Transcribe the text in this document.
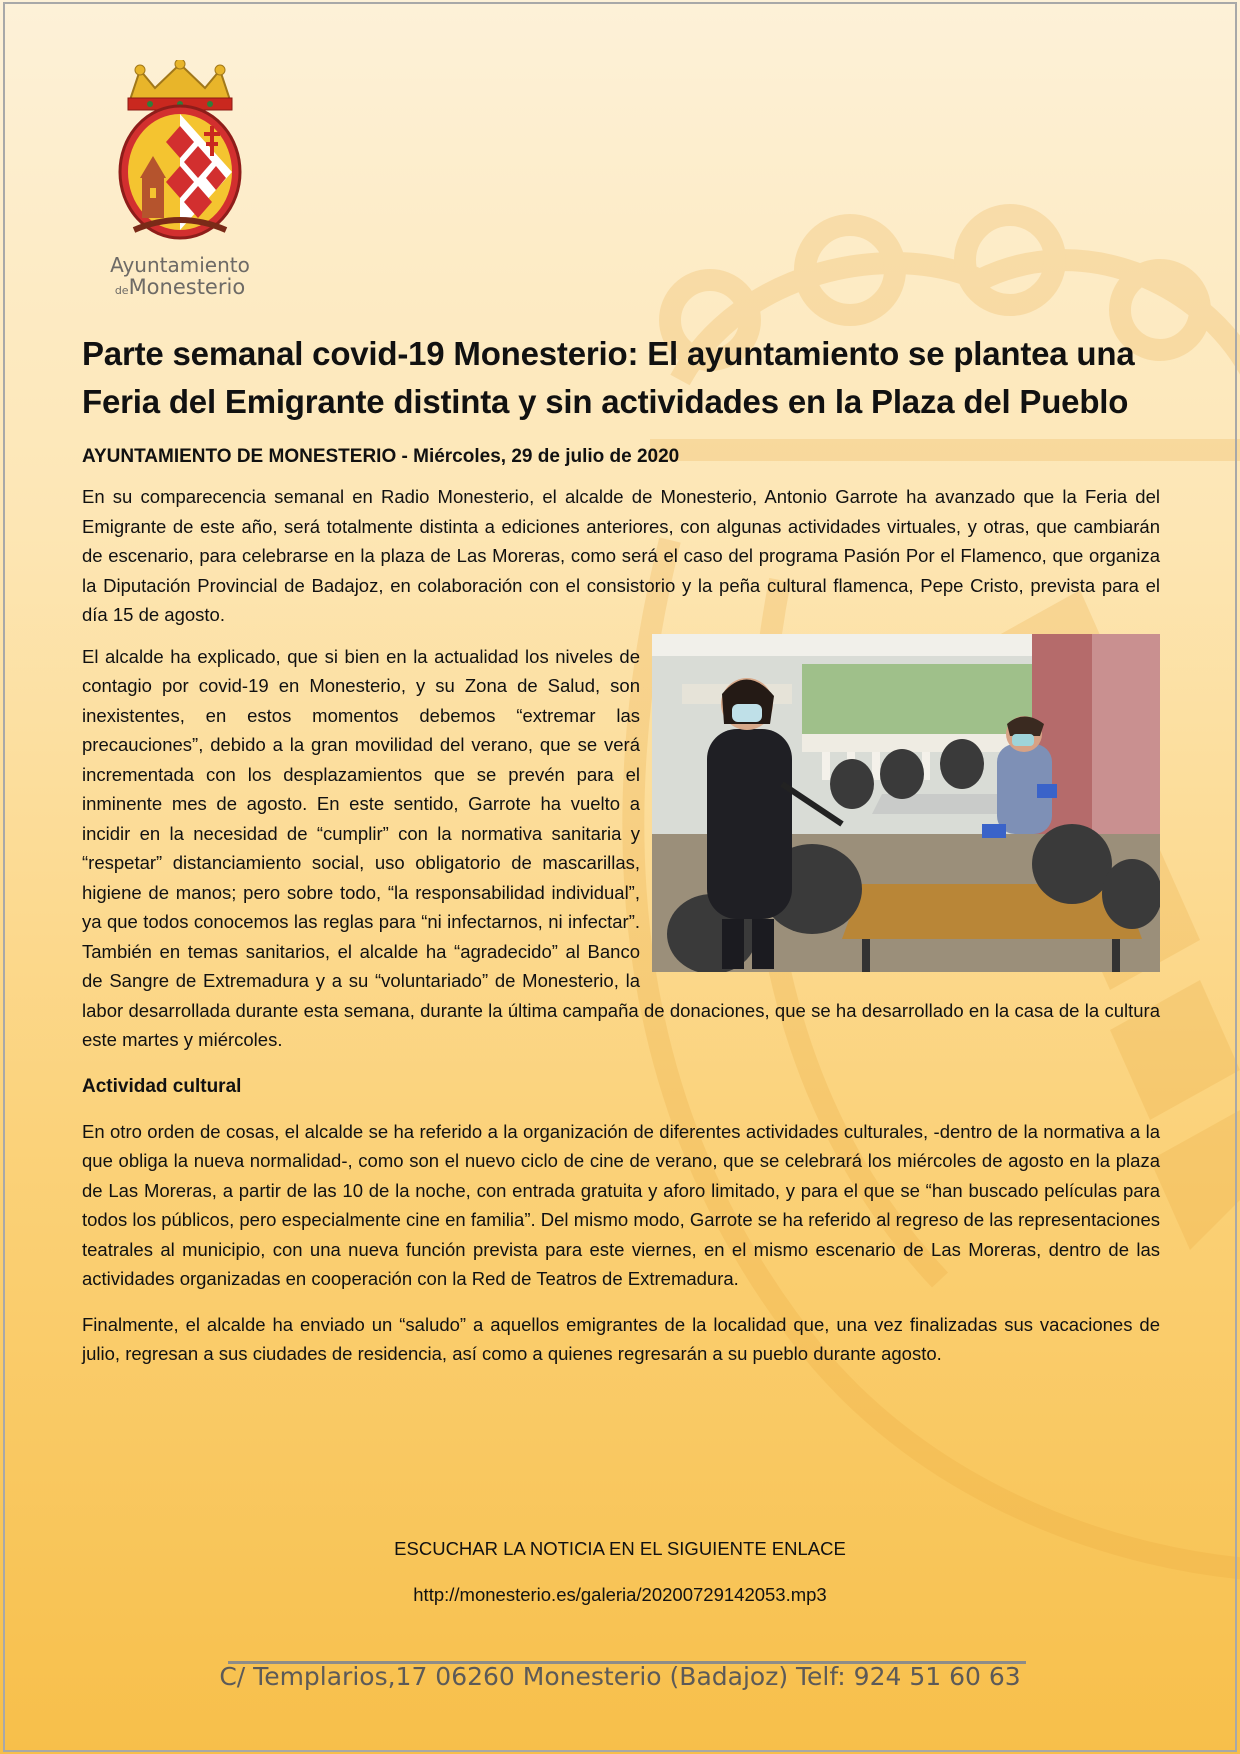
Ayuntamiento
deMonesterio
Parte semanal covid-19 Monesterio: El ayuntamiento se plantea una Feria del Emigrante distinta y sin actividades en la Plaza del Pueblo
AYUNTAMIENTO DE MONESTERIO - Miércoles, 29 de julio de 2020

En su comparecencia semanal en Radio Monesterio, el alcalde de Monesterio, Antonio Garrote ha avanzado que la Feria del Emigrante de este año, será totalmente distinta a ediciones anteriores, con algunas actividades virtuales, y otras, que cambiarán de escenario, para celebrarse en la plaza de Las Moreras, como será el caso del programa Pasión Por el Flamenco, que organiza la Diputación Provincial de Badajoz, en colaboración con el consistorio y la peña cultural flamenca, Pepe Cristo, prevista para el día 15 de agosto.

El alcalde ha explicado, que si bien en la actualidad los niveles de contagio por covid-19 en Monesterio, y su Zona de Salud, son inexistentes, en estos momentos debemos “extremar las precauciones”, debido a la gran movilidad del verano, que se verá incrementada con los desplazamientos que se prevén para el inminente mes de agosto. En este sentido, Garrote ha vuelto a incidir en la necesidad de “cumplir” con la normativa sanitaria y “respetar” distanciamiento social, uso obligatorio de mascarillas, higiene de manos; pero sobre todo, “la responsabilidad individual”, ya que todos conocemos las reglas para “ni infectarnos, ni infectar”. También en temas sanitarios, el alcalde ha “agradecido” al Banco de Sangre de Extremadura y a su “voluntariado” de Monesterio, la labor desarrollada durante esta semana, durante la última campaña de donaciones, que se ha desarrollado en la casa de la cultura este martes y miércoles.

Actividad cultural

En otro orden de cosas, el alcalde se ha referido a la organización de diferentes actividades culturales, -dentro de la normativa a la que obliga la nueva normalidad-, como son el nuevo ciclo de cine de verano, que se celebrará los miércoles de agosto en la plaza de Las Moreras, a partir de las 10 de la noche, con entrada gratuita y aforo limitado, y para el que se “han buscado películas para todos los públicos, pero especialmente cine en familia”. Del mismo modo, Garrote se ha referido al regreso de las representaciones teatrales al municipio, con una nueva función prevista para este viernes, en el mismo escenario de Las Moreras, dentro de las actividades organizadas en cooperación con la Red de Teatros de Extremadura.

Finalmente, el alcalde ha enviado un “saludo” a aquellos emigrantes de la localidad que, una vez finalizadas sus vacaciones de julio, regresan a sus ciudades de residencia, así como a quienes regresarán a su pueblo durante agosto.

ESCUCHAR LA NOTICIA EN EL SIGUIENTE ENLACE
http://monesterio.es/galeria/20200729142053.mp3
C/ Templarios,17 06260 Monesterio (Badajoz) Telf: 924 51 60 63
